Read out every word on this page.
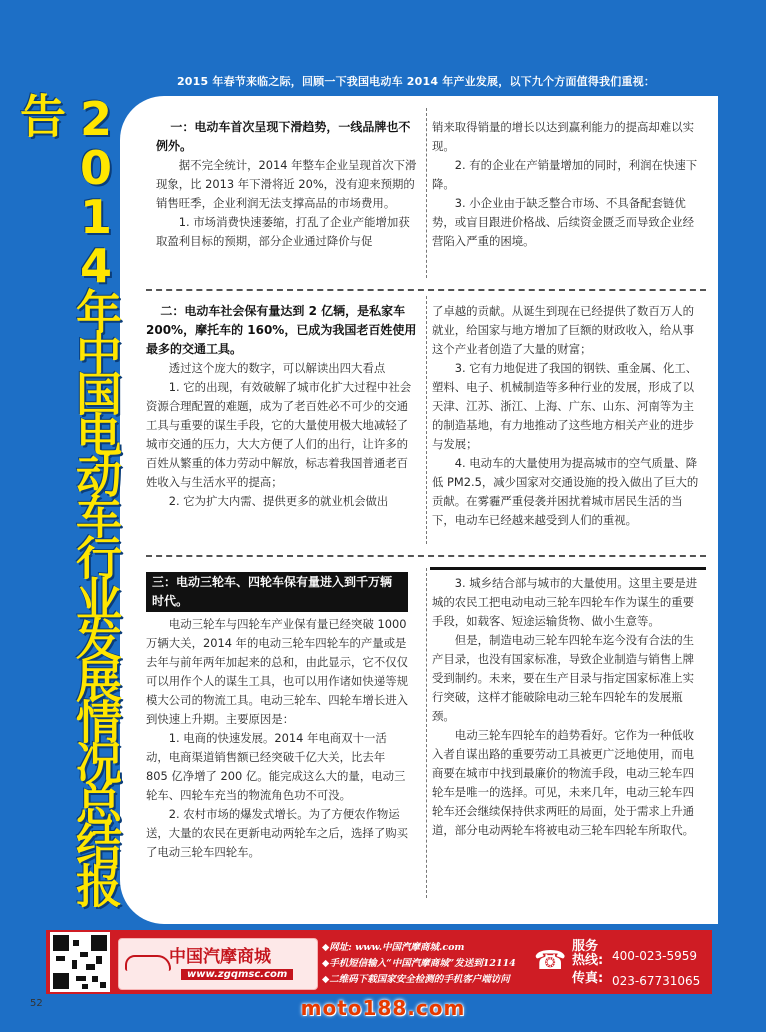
2015 年春节来临之际，回顾一下我国电动车 2014 年产业发展，以下九个方面值得我们重视：
2014年中国电动车行业发展情况总结报告	一：电动车首次呈现下滑趋势，一线品牌也不例外。

据不完全统计，2014 年整车企业呈现首次下滑现象，比 2013 年下滑将近 20%，没有迎来预期的销售旺季，企业利润无法支撑高品的市场费用。

1. 市场消费快速萎缩，打乱了企业产能增加获取盈利目标的预期，部分企业通过降价与促

销来取得销量的增长以达到赢利能力的提高却难以实现。

2. 有的企业在产销量增加的同时，利润在快速下降。

3. 小企业由于缺乏整合市场、不具备配套链优势，或盲目跟进价格战、后续资金匮乏而导致企业经营陷入严重的困境。

二：电动车社会保有量达到 2 亿辆，是私家车 200%，摩托车的 160%，已成为我国老百姓使用最多的交通工具。

透过这个庞大的数字，可以解读出四大看点

1. 它的出现，有效破解了城市化扩大过程中社会资源合理配置的难题，成为了老百姓必不可少的交通工具与重要的谋生手段，它的大量使用极大地减轻了城市交通的压力，大大方便了人们的出行，让许多的百姓从繁重的体力劳动中解放，标志着我国普通老百姓收入与生活水平的提高；

2. 它为扩大内需、提供更多的就业机会做出

了卓越的贡献。从诞生到现在已经提供了数百万人的就业，给国家与地方增加了巨额的财政收入，给从事这个产业者创造了大量的财富；

3. 它有力地促进了我国的钢铁、重金属、化工、塑料、电子、机械制造等多种行业的发展，形成了以天津、江苏、浙江、上海、广东、山东、河南等为主的制造基地，有力地推动了这些地方相关产业的进步与发展；

4. 电动车的大量使用为提高城市的空气质量、降低 PM2.5，减少国家对交通设施的投入做出了巨大的贡献。在雾霾严重侵袭并困扰着城市居民生活的当下，电动车已经越来越受到人们的重视。

三：电动三轮车、四轮车保有量进入到千万辆时代。

电动三轮车与四轮车产业保有量已经突破 1000 万辆大关，2014 年的电动三轮车四轮车的产量或是去年与前年两年加起来的总和，由此显示，它不仅仅可以用作个人的谋生工具，也可以用作诸如快递等规模大公司的物流工具。电动三轮车、四轮车增长进入到快速上升期。主要原因是：

1. 电商的快速发展。2014 年电商双十一活动，电商渠道销售额已经突破千亿大关，比去年 805 亿净增了 200 亿。能完成这么大的量，电动三轮车、四轮车充当的物流角色功不可没。

2. 农村市场的爆发式增长。为了方便农作物运送，大量的农民在更新电动两轮车之后，选择了购买了电动三轮车四轮车。

3. 城乡结合部与城市的大量使用。这里主要是进城的农民工把电动电动三轮车四轮车作为谋生的重要手段，如载客、短途运输货物、做小生意等。

但是，制造电动三轮车四轮车迄今没有合法的生产目录，也没有国家标准，导致企业制造与销售上牌受到制约。未来，要在生产目录与指定国家标准上实行突破，这样才能破除电动三轮车四轮车的发展瓶颈。

电动三轮车四轮车的趋势看好。它作为一种低收入者自谋出路的重要劳动工具被更广泛地使用，而电商要在城市中找到最廉价的物流手段，电动三轮车四轮车是唯一的选择。可见，未来几年，电动三轮车四轮车还会继续保持供求两旺的局面，处于需求上升通道，部分电动两轮车将被电动三轮车四轮车所取代。

中国汽摩商城
www.zgqmsc.com
◆网址: www.中国汽摩商城.com
◆手机短信输入“中国汽摩商城”发送到12114
◆二维码下载国家安全检测的手机客户端访问
☎ 服务热线:
传真:
400-023-5959
023-67731065
52	moto188.com
